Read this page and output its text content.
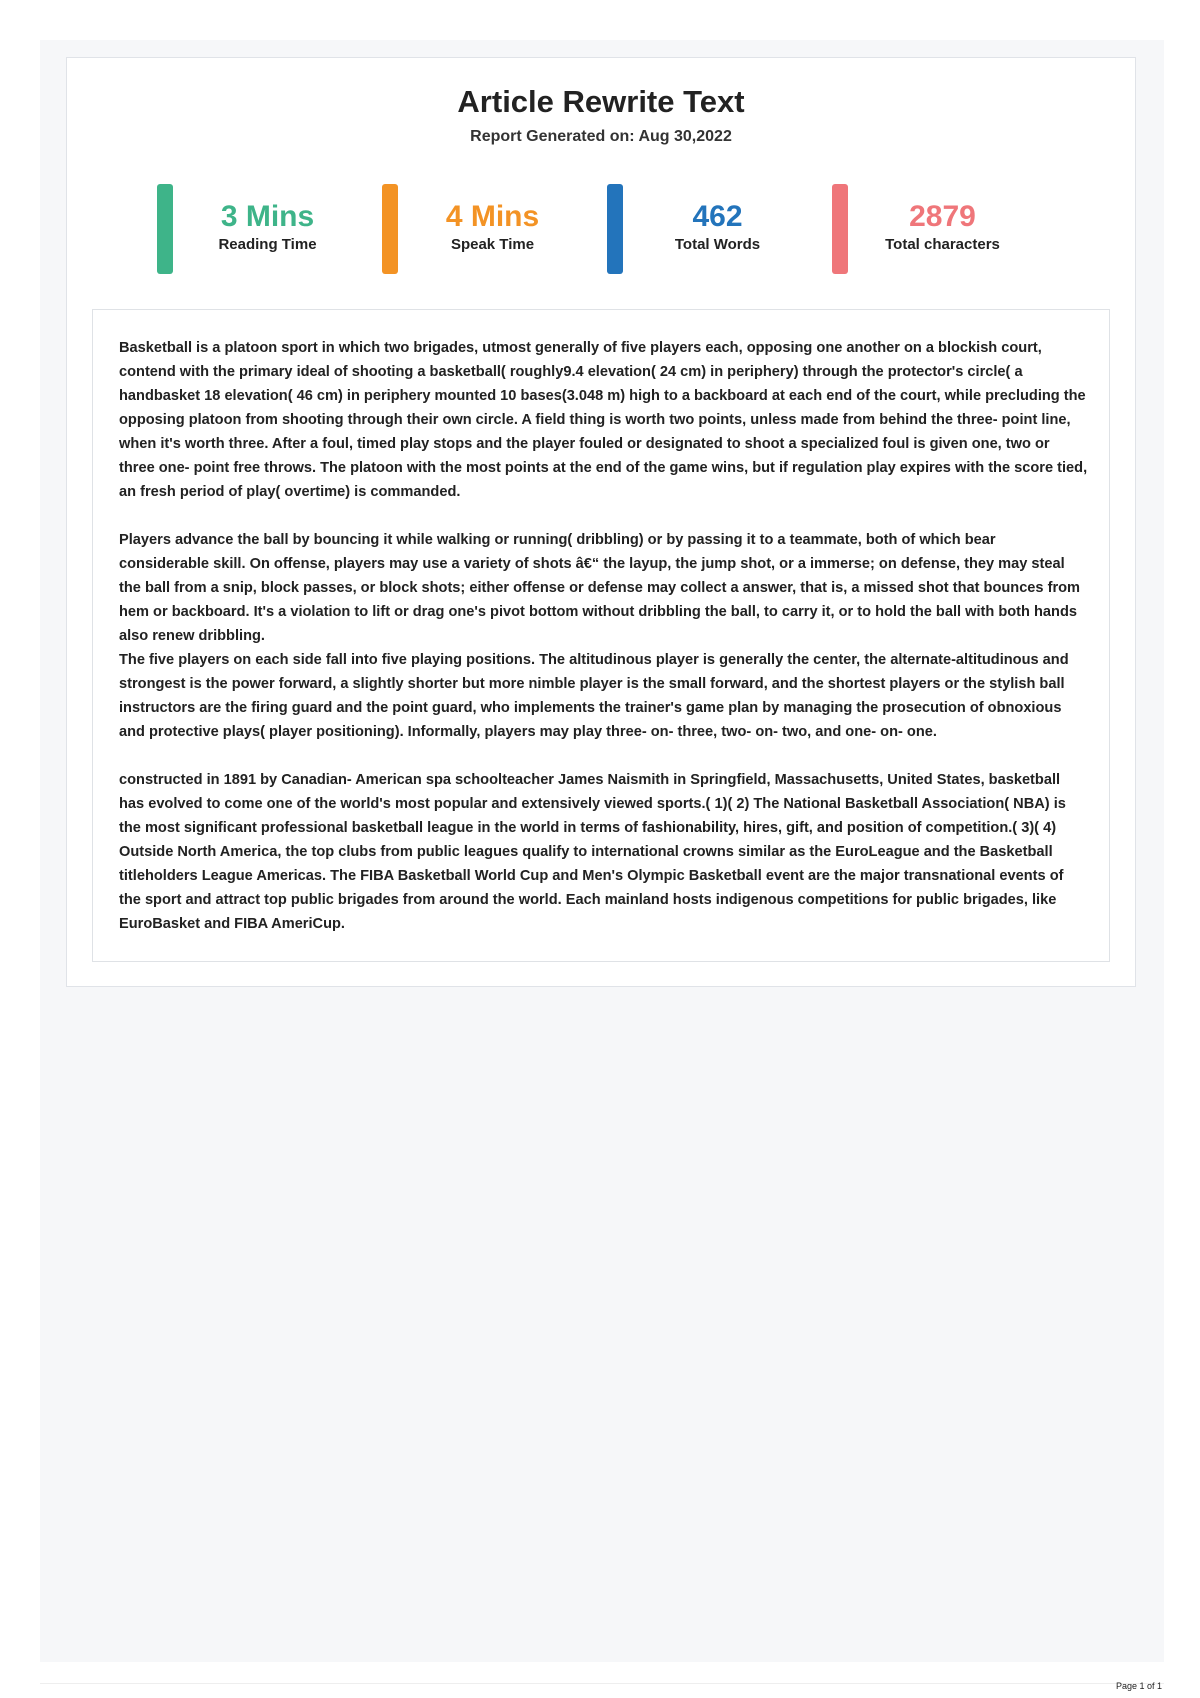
Article Rewrite Text
Report Generated on: Aug 30,2022
3 Mins
Reading Time
4 Mins
Speak Time
462
Total Words
2879
Total characters

Basketball is a platoon sport in which two brigades, utmost generally of five players each, opposing one another on a blockish court, contend with the primary ideal of shooting a basketball( roughly9.4 elevation( 24 cm) in periphery) through the protector's circle( a handbasket 18 elevation( 46 cm) in periphery mounted 10 bases(3.048 m) high to a backboard at each end of the court, while precluding the opposing platoon from shooting through their own circle. A field thing is worth two points, unless made from behind the three- point line, when it's worth three. After a foul, timed play stops and the player fouled or designated to shoot a specialized foul is given one, two or three one- point free throws. The platoon with the most points at the end of the game wins, but if regulation play expires with the score tied, an fresh period of play( overtime) is commanded.

Players advance the ball by bouncing it while walking or running( dribbling) or by passing it to a teammate, both of which bear considerable skill. On offense, players may use a variety of shots â€“ the layup, the jump shot, or a immerse; on defense, they may steal the ball from a snip, block passes, or block shots; either offense or defense may collect a answer, that is, a missed shot that bounces from hem or backboard. It's a violation to lift or drag one's pivot bottom without dribbling the ball, to carry it, or to hold the ball with both hands also renew dribbling.

The five players on each side fall into five playing positions. The altitudinous player is generally the center, the alternate-altitudinous and strongest is the power forward, a slightly shorter but more nimble player is the small forward, and the shortest players or the stylish ball instructors are the firing guard and the point guard, who implements the trainer's game plan by managing the prosecution of obnoxious and protective plays( player positioning). Informally, players may play three- on- three, two- on- two, and one- on- one.

constructed in 1891 by Canadian- American spa schoolteacher James Naismith in Springfield, Massachusetts, United States, basketball has evolved to come one of the world's most popular and extensively viewed sports.( 1)( 2) The National Basketball Association( NBA) is the most significant professional basketball league in the world in terms of fashionability, hires, gift, and position of competition.( 3)( 4) Outside North America, the top clubs from public leagues qualify to international crowns similar as the EuroLeague and the Basketball titleholders League Americas. The FIBA Basketball World Cup and Men's Olympic Basketball event are the major transnational events of the sport and attract top public brigades from around the world. Each mainland hosts indigenous competitions for public brigades, like EuroBasket and FIBA AmeriCup.

Page 1 of 1
